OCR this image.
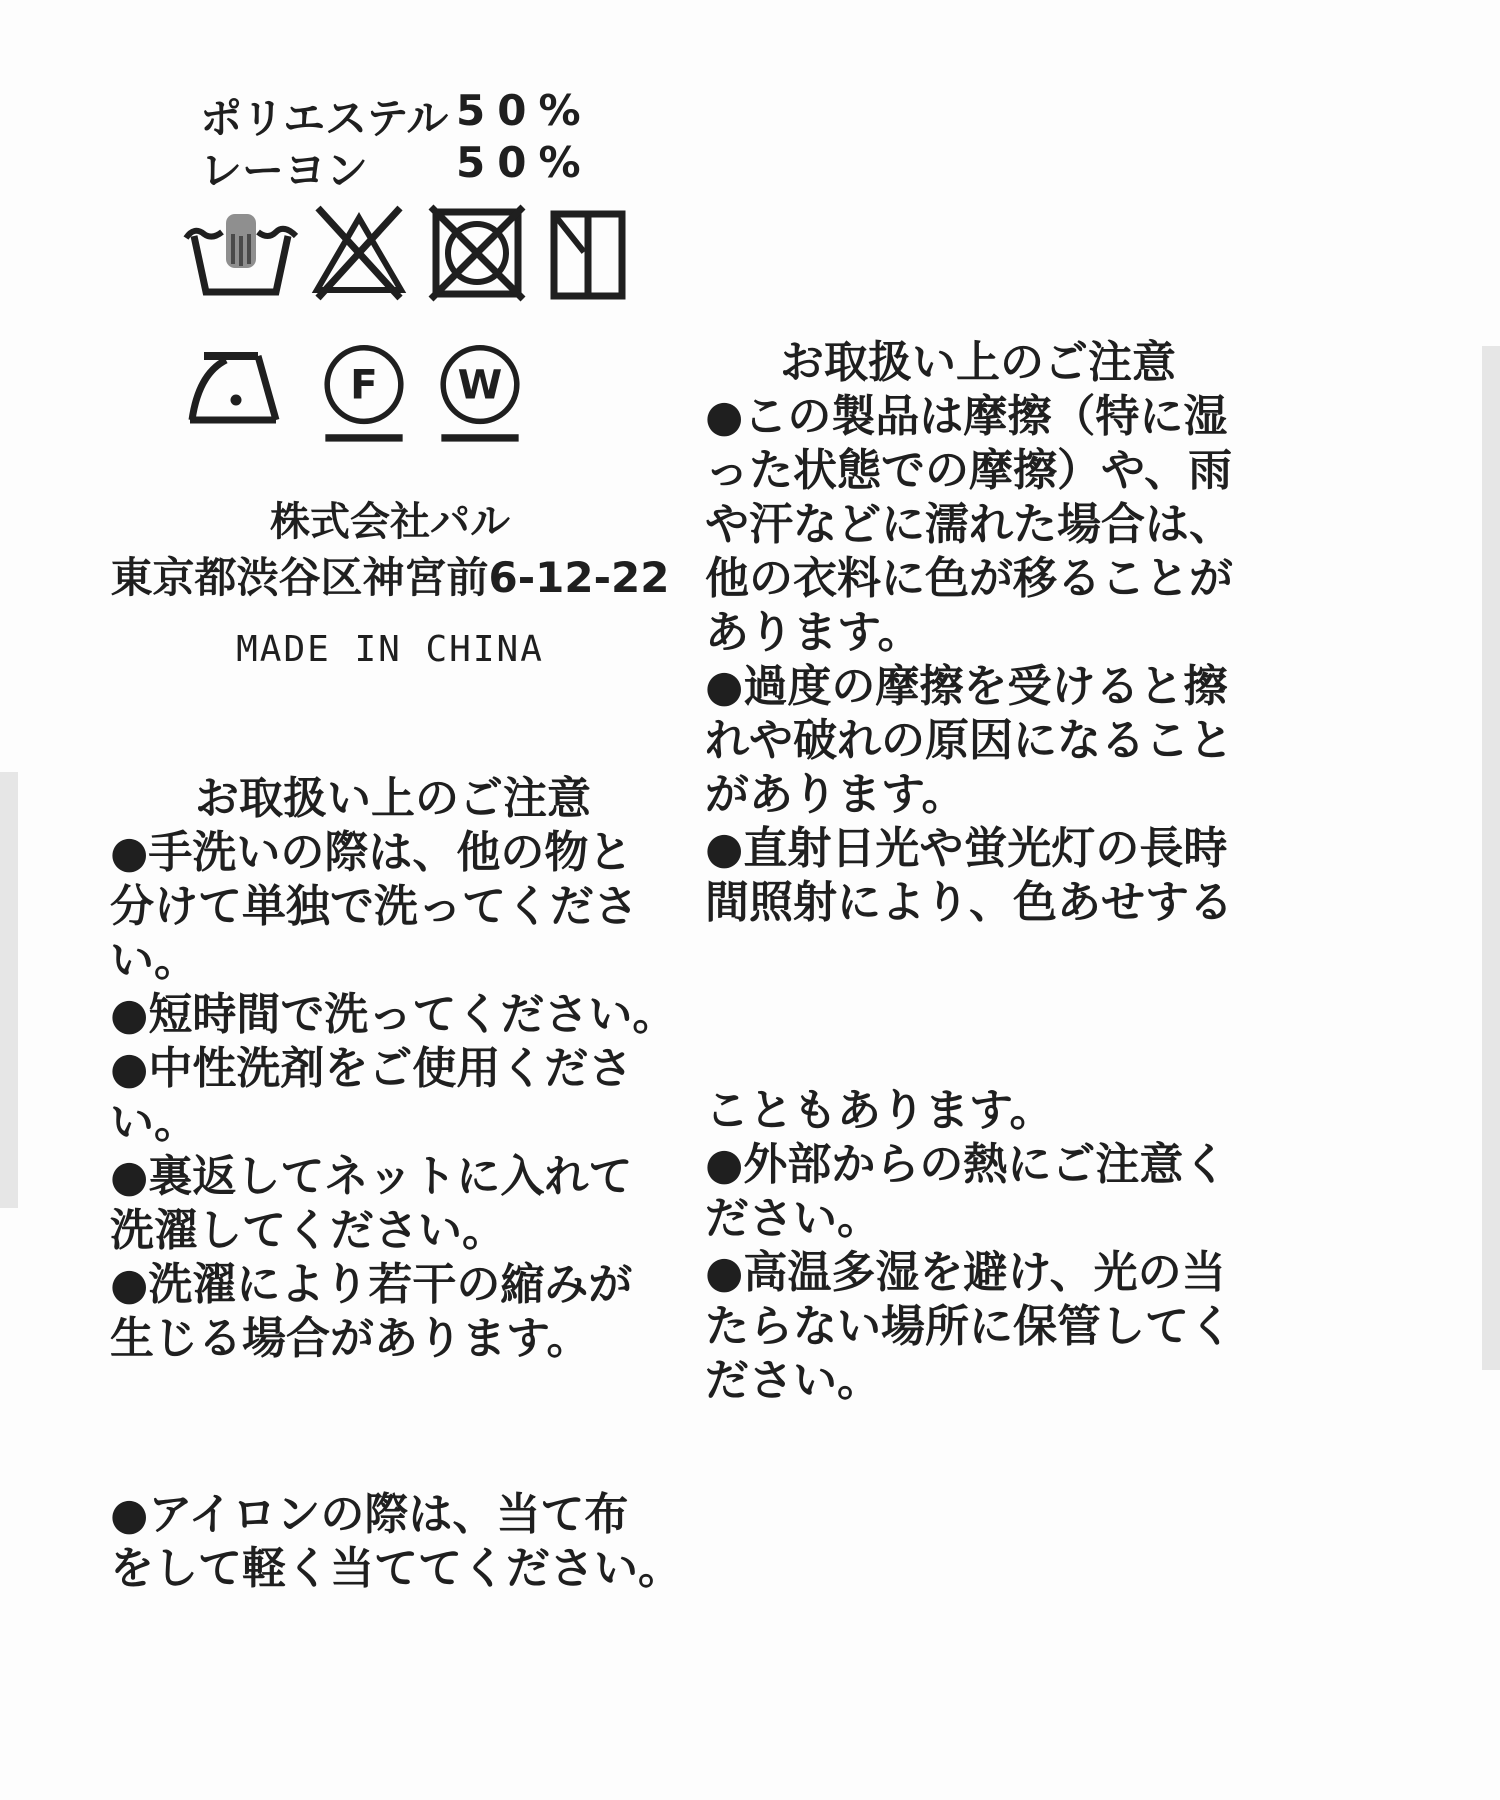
ポリエステル 50%
レーヨン	50%
F W
株式会社パル
東京都渋谷区神宮前6-12-22
MADE IN CHINA
お取扱い上のご注意
●手洗いの際は、他の物と
分けて単独で洗ってくださ
い。
●短時間で洗ってください。
●中性洗剤をご使用くださ
い。
●裏返してネットに入れて
洗濯してください。
●洗濯により若干の縮みが
生じる場合があります。
●アイロンの際は、当て布
をして軽く当ててください。
お取扱い上のご注意
●この製品は摩擦（特に湿
った状態での摩擦）や、雨
や汗などに濡れた場合は、
他の衣料に色が移ることが
あります。
●過度の摩擦を受けると擦
れや破れの原因になること
があります。
●直射日光や蛍光灯の長時
間照射により、色あせする
こともあります。
●外部からの熱にご注意く
ださい。
●高温多湿を避け、光の当
たらない場所に保管してく
ださい。
